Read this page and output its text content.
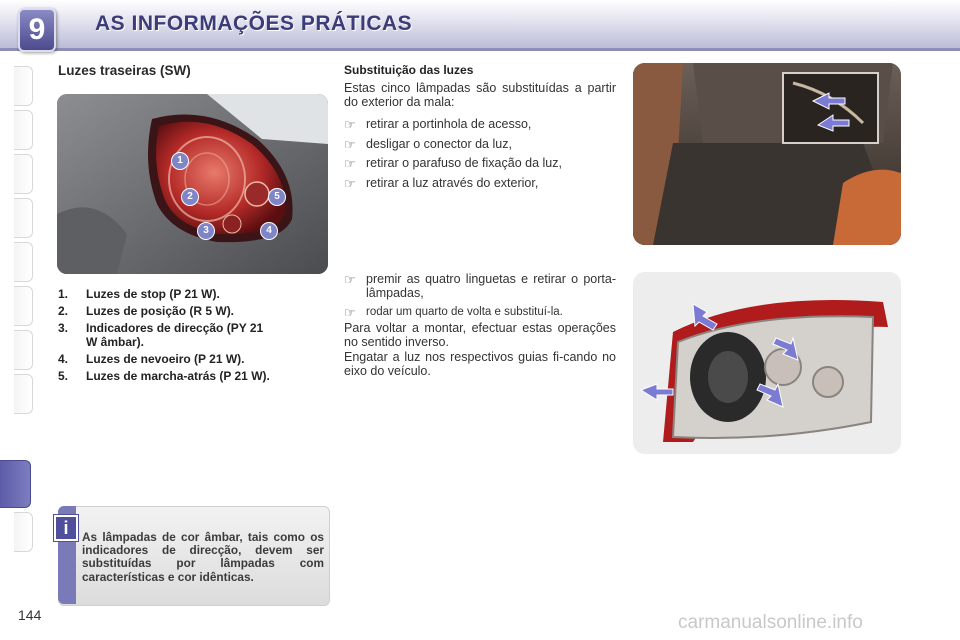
9	AS INFORMAÇÕES PRÁTICAS
Luzes traseiras (SW)
1
2	5
3	4
1.	Luzes de stop (P 21 W).
2.	Luzes de posição (R 5 W).
3.	Indicadores de direcção (PY 21 W âmbar).
4.	Luzes de nevoeiro (P 21 W).
5.	Luzes de marcha-atrás (P 21 W).
i	As lâmpadas de cor âmbar, tais como os indicadores de direcção, devem ser substituídas por lâmpadas com características e cor idênticas.
Substituição das luzes
Estas cinco lâmpadas são substituídas a partir do exterior da mala:
☞ retirar a portinhola de acesso,
☞ desligar o conector da luz,
☞ retirar o parafuso de fixação da luz,
☞ retirar a luz através do exterior,
☞ premir as quatro linguetas e retirar o porta-lâmpadas,
☞ rodar um quarto de volta e substituí-la.
Para voltar a montar, efectuar estas operações no sentido inverso.
Engatar a luz nos respectivos guias fi-cando no eixo do veículo.
144	carmanualsonline.info
